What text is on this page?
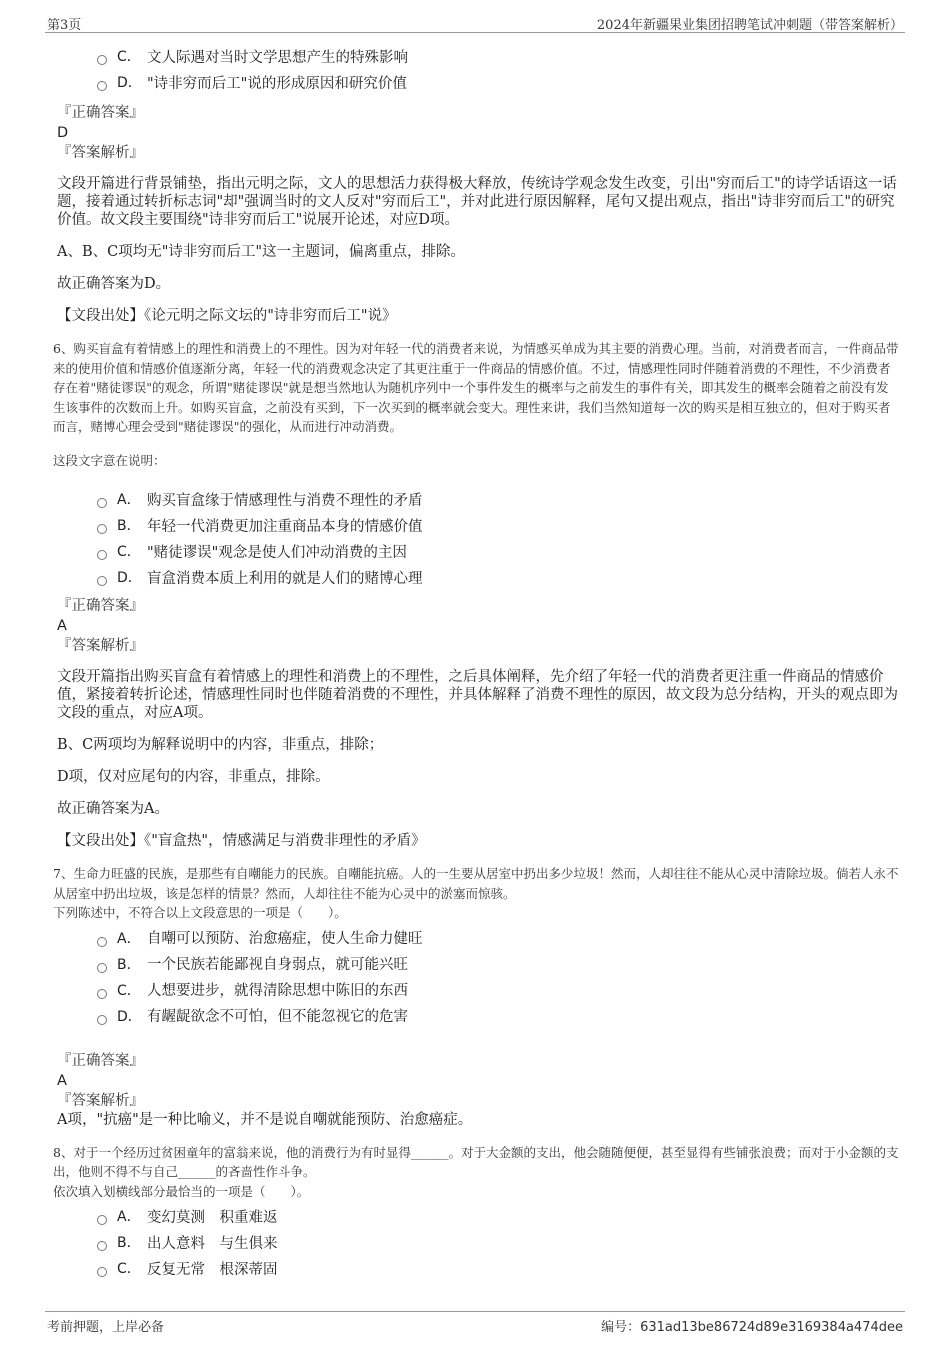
第3页	2024年新疆果业集团招聘笔试冲刺题（带答案解析）
C． 文人际遇对当时文学思想产生的特殊影响
D． "诗非穷而后工"说的形成原因和研究价值
『正确答案』
D
『答案解析』

文段开篇进行背景铺垫，指出元明之际，文人的思想活力获得极大释放，传统诗学观念发生改变，引出"穷而后工"的诗学话语这一话题，接着通过转折标志词"却"强调当时的文人反对"穷而后工"，并对此进行原因解释，尾句又提出观点，指出"诗非穷而后工"的研究价值。故文段主要围绕"诗非穷而后工"说展开论述，对应D项。

A、B、C项均无"诗非穷而后工"这一主题词，偏离重点，排除。

故正确答案为D。

【文段出处】《论元明之际文坛的"诗非穷而后工"说》

6、购买盲盒有着情感上的理性和消费上的不理性。因为对年轻一代的消费者来说，为情感买单成为其主要的消费心理。当前，对消费者而言，一件商品带来的使用价值和情感价值逐渐分离，年轻一代的消费观念决定了其更注重于一件商品的情感价值。不过，情感理性同时伴随着消费的不理性，不少消费者存在着"赌徒谬误"的观念，所谓"赌徒谬误"就是想当然地认为随机序列中一个事件发生的概率与之前发生的事件有关，即其发生的概率会随着之前没有发生该事件的次数而上升。如购买盲盒，之前没有买到，下一次买到的概率就会变大。理性来讲，我们当然知道每一次的购买是相互独立的，但对于购买者而言，赌博心理会受到"赌徒谬误"的强化，从而进行冲动消费。

这段文字意在说明：

A． 购买盲盒缘于情感理性与消费不理性的矛盾
B． 年轻一代消费更加注重商品本身的情感价值
C． "赌徒谬误"观念是使人们冲动消费的主因
D． 盲盒消费本质上利用的就是人们的赌博心理
『正确答案』
A
『答案解析』

文段开篇指出购买盲盒有着情感上的理性和消费上的不理性，之后具体阐释，先介绍了年轻一代的消费者更注重一件商品的情感价值，紧接着转折论述，情感理性同时也伴随着消费的不理性，并具体解释了消费不理性的原因，故文段为总分结构，开头的观点即为文段的重点，对应A项。

B、C两项均为解释说明中的内容，非重点，排除；

D项，仅对应尾句的内容，非重点，排除。

故正确答案为A。

【文段出处】《"盲盒热"，情感满足与消费非理性的矛盾》

7、生命力旺盛的民族，是那些有自嘲能力的民族。自嘲能抗癌。人的一生要从居室中扔出多少垃圾！然而，人却往往不能从心灵中清除垃圾。倘若人永不从居室中扔出垃圾，该是怎样的情景？然而，人却往往不能为心灵中的淤塞而惊骇。

下列陈述中，不符合以上文段意思的一项是（　　）。

A． 自嘲可以预防、治愈癌症，使人生命力健旺
B． 一个民族若能鄙视自身弱点，就可能兴旺
C． 人想要进步，就得清除思想中陈旧的东西
D． 有龌龊欲念不可怕，但不能忽视它的危害
『正确答案』
A
『答案解析』

A项，"抗癌"是一种比喻义，并不是说自嘲就能预防、治愈癌症。

8、对于一个经历过贫困童年的富翁来说，他的消费行为有时显得______。对于大金额的支出，他会随随便便，甚至显得有些铺张浪费；而对于小金额的支出，他则不得不与自己______的吝啬性作斗争。

依次填入划横线部分最恰当的一项是（　　）。

A． 变幻莫测　积重难返
B． 出人意料　与生俱来
C． 反复无常　根深蒂固
考前押题，上岸必备	编号：631ad13be86724d89e3169384a474dee
